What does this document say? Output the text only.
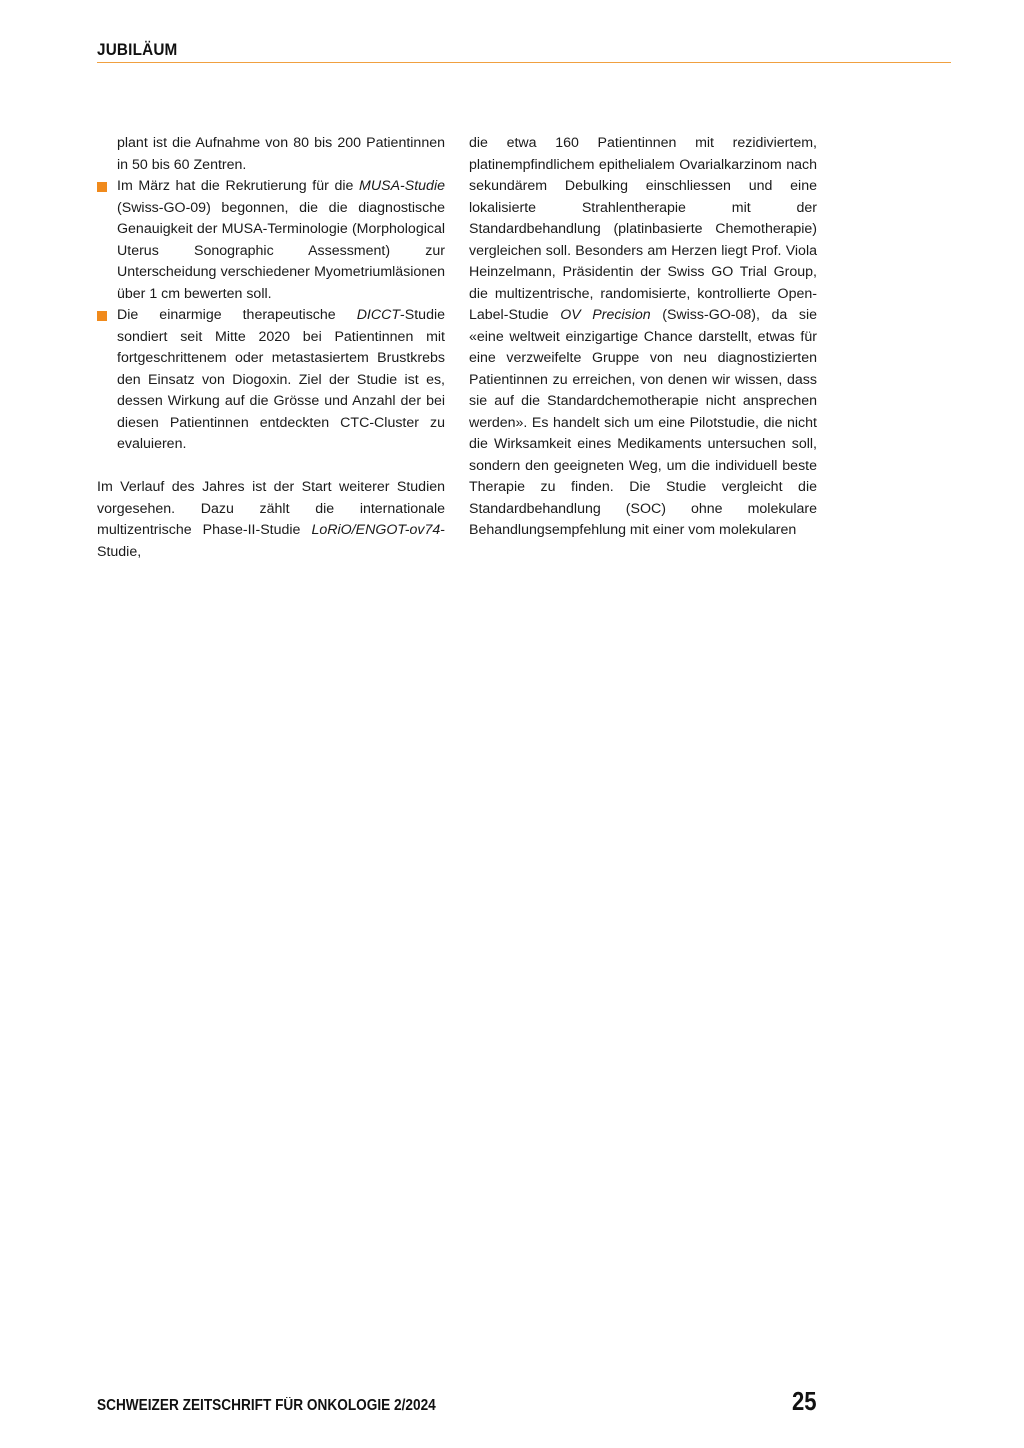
JUBILÄUM

plant ist die Aufnahme von 80 bis 200 Patientinnen in 50 bis 60 Zentren.

Im März hat die Rekrutierung für die MUSA-Studie (Swiss-GO-09) begonnen, die die diagnostische Genauigkeit der MUSA-Terminologie (Morphological Uterus Sonographic Assessment) zur Unterscheidung verschiedener Myometriumläsionen über 1 cm bewerten soll.
Die einarmige therapeutische DICCT-Studie sondiert seit Mitte 2020 bei Patientinnen mit fortgeschrittenem oder metastasiertem Brustkrebs den Einsatz von Diogoxin. Ziel der Studie ist es, dessen Wirkung auf die Grösse und Anzahl der bei diesen Patientinnen entdeckten CTC-Cluster zu evaluieren.

Im Verlauf des Jahres ist der Start weiterer Studien vorgesehen. Dazu zählt die internationale multizentrische Phase-II-Studie LoRiO/ENGOT-ov74-Studie,

die etwa 160 Patientinnen mit rezidiviertem, platinempfindlichem epithelialem Ovarialkarzinom nach sekundärem Debulking einschliessen und eine lokalisierte Strahlentherapie mit der Standardbehandlung (platinbasierte Chemotherapie) vergleichen soll. Besonders am Herzen liegt Prof. Viola Heinzelmann, Präsidentin der Swiss GO Trial Group, die multizentrische, randomisierte, kontrollierte Open-Label-Studie OV Precision (Swiss-GO-08), da sie «eine weltweit einzigartige Chance darstellt, etwas für eine verzweifelte Gruppe von neu diagnostizierten Patientinnen zu erreichen, von denen wir wissen, dass sie auf die Standardchemotherapie nicht ansprechen werden». Es handelt sich um eine Pilotstudie, die nicht die Wirksamkeit eines Medikaments untersuchen soll, sondern den geeigneten Weg, um die individuell beste Therapie zu finden. Die Studie vergleicht die Standardbehandlung (SOC) ohne molekulare Behandlungsempfehlung mit einer vom molekularen

SCHWEIZER ZEITSCHRIFT FÜR ONKOLOGIE 2/2024	25
